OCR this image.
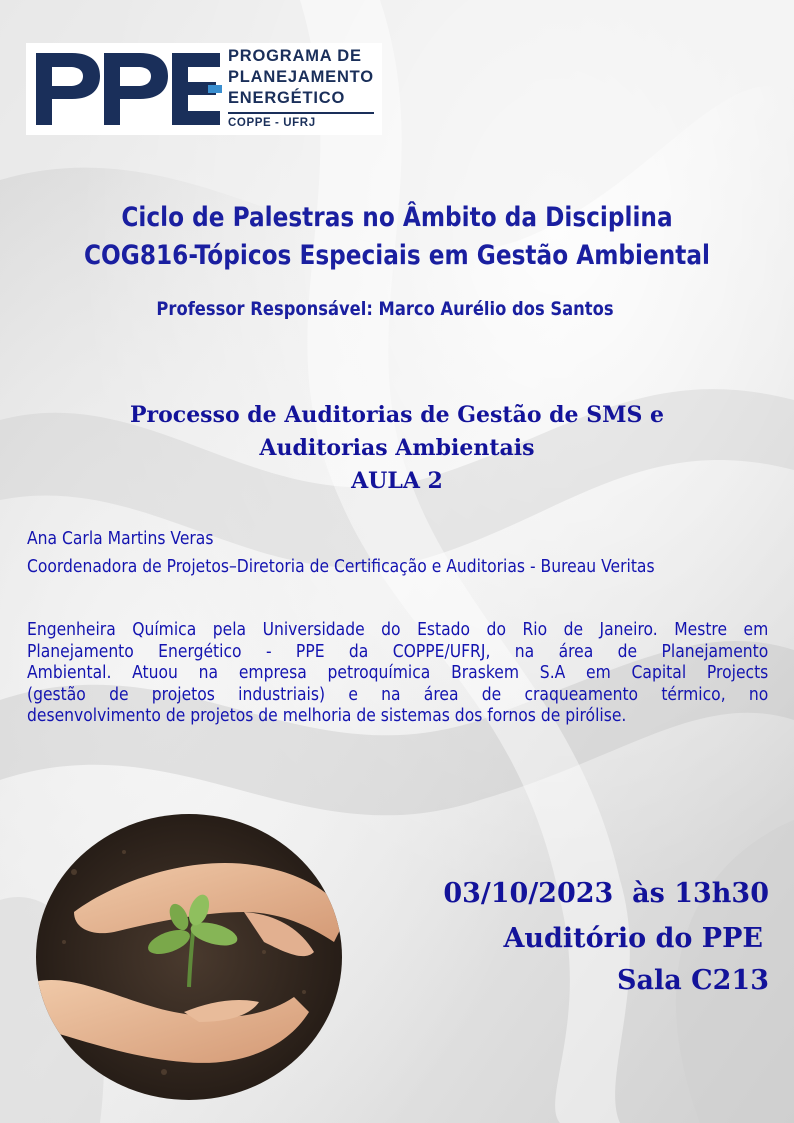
PROGRAMA DE
PLANEJAMENTO
ENERGÉTICO
COPPE - UFRJ
Ciclo de Palestras no Âmbito da Disciplina
COG816-Tópicos Especiais em Gestão Ambiental
Professor Responsável: Marco Aurélio dos Santos
Processo de Auditorias de Gestão de SMS e
Auditorias Ambientais
AULA 2
Ana Carla Martins Veras
Coordenadora de Projetos–Diretoria de Certificação e Auditorias - Bureau Veritas
Engenheira Química pela Universidade do Estado do Rio de Janeiro. Mestre em
Planejamento Energético - PPE da COPPE/UFRJ, na área de Planejamento
Ambiental. Atuou na empresa petroquímica Braskem S.A em Capital Projects
(gestão de projetos industriais) e na área de craqueamento térmico, no
desenvolvimento de projetos de melhoria de sistemas dos fornos de pirólise.
03/10/2023  às 13h30
Auditório do PPE
Sala C213
